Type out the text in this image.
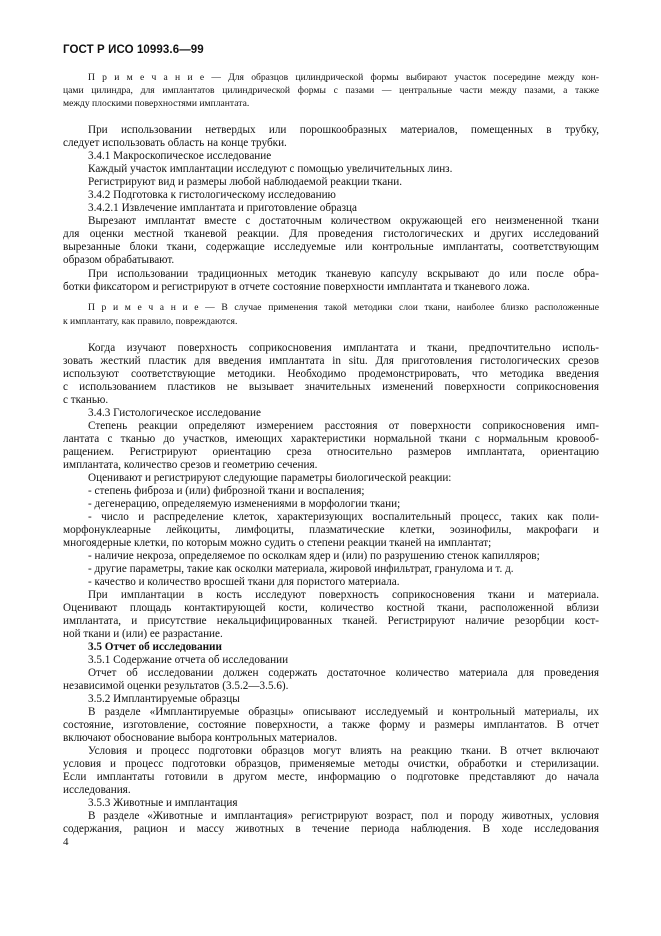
ГОСТ Р ИСО 10993.6—99
П р и м е ч а н и е — Для образцов цилиндрической формы выбирают участок посередине между кон-
цами цилиндра, для имплантатов цилиндрической формы с пазами — центральные части между пазами, а также
между плоскими поверхностями имплантата.
При использовании нетвердых или порошкообразных материалов, помещенных в трубку,
следует использовать область на конце трубки.
3.4.1 Макроскопическое исследование
Каждый участок имплантации исследуют с помощью увеличительных линз.
Регистрируют вид и размеры любой наблюдаемой реакции ткани.
3.4.2 Подготовка к гистологическому исследованию
3.4.2.1 Извлечение имплантата и приготовление образца
Вырезают имплантат вместе с достаточным количеством окружающей его неизмененной ткани
для оценки местной тканевой реакции. Для проведения гистологических и других исследований
вырезанные блоки ткани, содержащие исследуемые или контрольные имплантаты, соответствующим
образом обрабатывают.
При использовании традиционных методик тканевую капсулу вскрывают до или после обра-
ботки фиксатором и регистрируют в отчете состояние поверхности имплантата и тканевого ложа.
П р и м е ч а н и е — В случае применения такой методики слои ткани, наиболее близко расположенные
к имплантату, как правило, повреждаются.
Когда изучают поверхность соприкосновения имплантата и ткани, предпочтительно исполь-
зовать жесткий пластик для введения имплантата in situ. Для приготовления гистологических срезов
используют соответствующие методики. Необходимо продемонстрировать, что методика введения
с использованием пластиков не вызывает значительных изменений поверхности соприкосновения
с тканью.
3.4.3 Гистологическое исследование
Степень реакции определяют измерением расстояния от поверхности соприкосновения имп-
лантата с тканью до участков, имеющих характеристики нормальной ткани с нормальным кровооб-
ращением. Регистрируют ориентацию среза относительно размеров имплантата, ориентацию
имплантата, количество срезов и геометрию сечения.
Оценивают и регистрируют следующие параметры биологической реакции:
- степень фиброза и (или) фиброзной ткани и воспаления;
- дегенерацию, определяемую изменениями в морфологии ткани;
- число и распределение клеток, характеризующих воспалительный процесс, таких как поли-
морфонуклеарные лейкоциты, лимфоциты, плазматические клетки, эозинофилы, макрофаги и
многоядерные клетки, по которым можно судить о степени реакции тканей на имплантат;
- наличие некроза, определяемое по осколкам ядер и (или) по разрушению стенок капилляров;
- другие параметры, такие как осколки материала, жировой инфильтрат, гранулома и т. д.
- качество и количество вросшей ткани для пористого материала.
При имплантации в кость исследуют поверхность соприкосновения ткани и материала.
Оценивают площадь контактирующей кости, количество костной ткани, расположенной вблизи
имплантата, и присутствие некальцифицированных тканей. Регистрируют наличие резорбции кост-
ной ткани и (или) ее разрастание.
3.5 Отчет об исследовании
3.5.1 Содержание отчета об исследовании
Отчет об исследовании должен содержать достаточное количество материала для проведения
независимой оценки результатов (3.5.2—3.5.6).
3.5.2 Имплантируемые образцы
В разделе «Имплантируемые образцы» описывают исследуемый и контрольный материалы, их
состояние, изготовление, состояние поверхности, а также форму и размеры имплантатов. В отчет
включают обоснование выбора контрольных материалов.
Условия и процесс подготовки образцов могут влиять на реакцию ткани. В отчет включают
условия и процесс подготовки образцов, применяемые методы очистки, обработки и стерилизации.
Если имплантаты готовили в другом месте, информацию о подготовке представляют до начала
исследования.
3.5.3 Животные и имплантация
В разделе «Животные и имплантация» регистрируют возраст, пол и породу животных, условия
содержания, рацион и массу животных в течение периода наблюдения. В ходе исследования
4
